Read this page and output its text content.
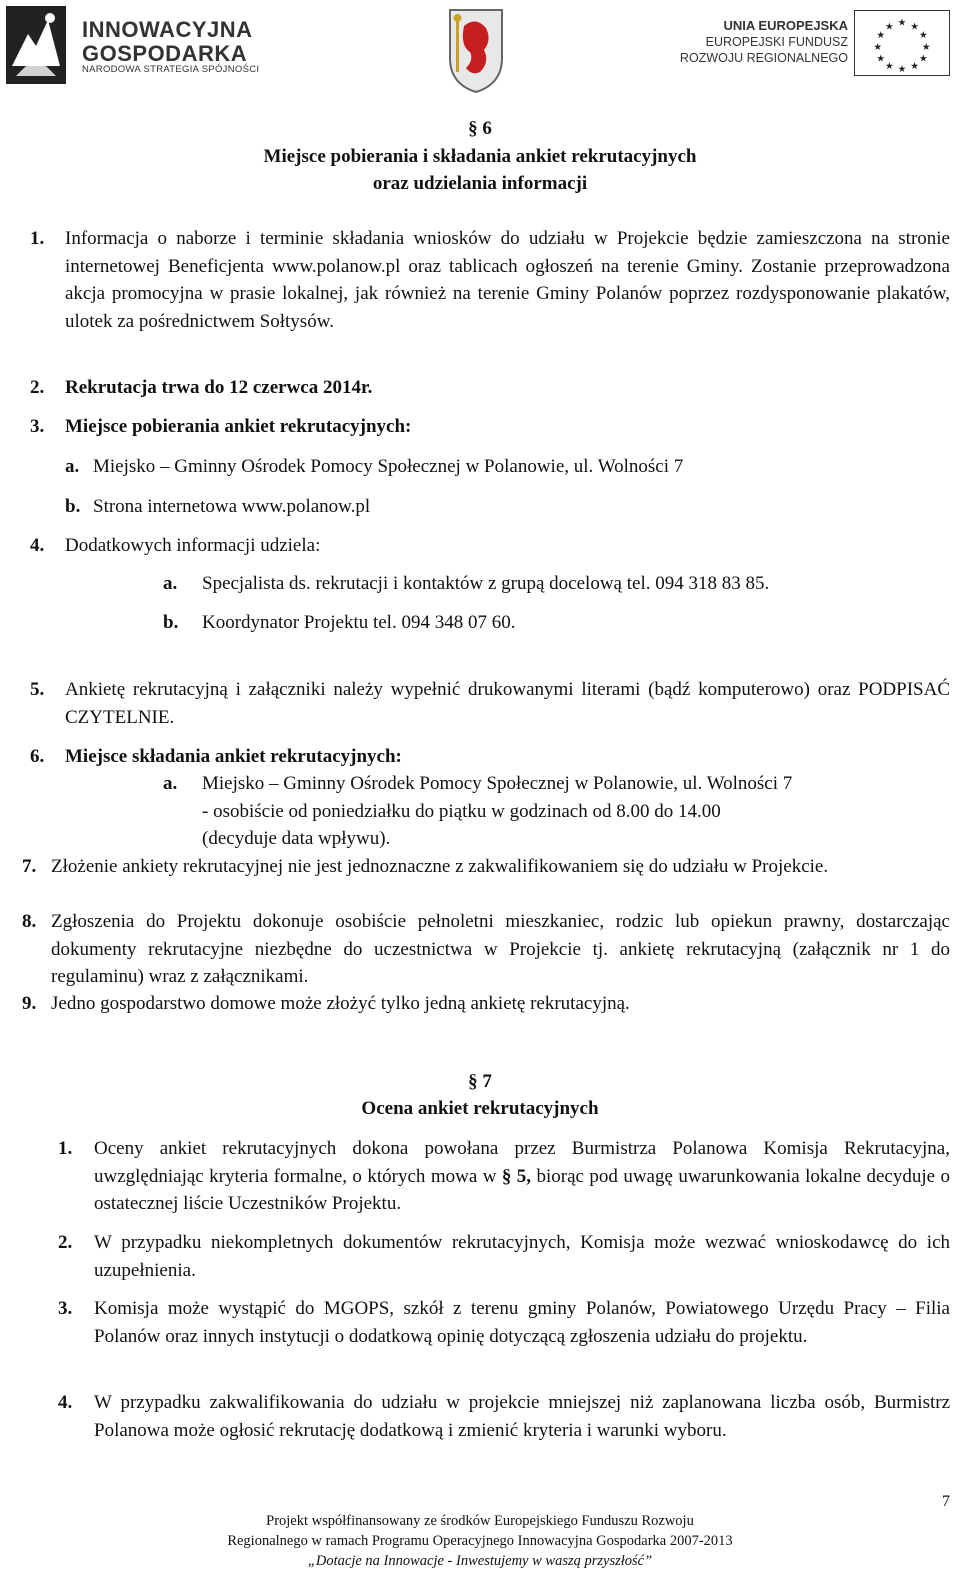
INNOWACYJNA
GOSPODARKA
NARODOWA STRATEGIA SPÓJNOŚCI
UNIA EUROPEJSKA
EUROPEJSKI FUNDUSZ
ROZWOJU REGIONALNEGO
★ ★
★
★
★
★
★
★
★
★
★
★
§ 6
Miejsce pobierania i składania ankiet rekrutacyjnych
oraz udzielania informacji
1. Informacja o naborze i terminie składania wniosków do udziału w Projekcie będzie zamieszczona na stronie internetowej Beneficjenta www.polanow.pl oraz tablicach ogłoszeń na terenie Gminy. Zostanie przeprowadzona akcja promocyjna w prasie lokalnej, jak również na terenie Gminy Polanów poprzez rozdysponowanie plakatów, ulotek za pośrednictwem Sołtysów.
2. Rekrutacja trwa do 12 czerwca 2014r.
3. Miejsce pobierania ankiet rekrutacyjnych:
a. Miejsko – Gminny Ośrodek Pomocy Społecznej w Polanowie, ul. Wolności 7
b. Strona internetowa www.polanow.pl
4. Dodatkowych informacji udziela:
a. Specjalista ds. rekrutacji i kontaktów z grupą docelową tel. 094 318 83 85.
b. Koordynator Projektu tel. 094 348 07 60.
5. Ankietę rekrutacyjną i załączniki należy wypełnić drukowanymi literami (bądź komputerowo) oraz PODPISAĆ CZYTELNIE.
6. Miejsce składania ankiet rekrutacyjnych:
a. Miejsko – Gminny Ośrodek Pomocy Społecznej w Polanowie, ul. Wolności 7
- osobiście od poniedziałku do piątku w godzinach od 8.00 do 14.00
(decyduje data wpływu).
7. Złożenie ankiety rekrutacyjnej nie jest jednoznaczne z zakwalifikowaniem się do udziału w Projekcie.
8. Zgłoszenia do Projektu dokonuje osobiście pełnoletni mieszkaniec, rodzic lub opiekun prawny, dostarczając dokumenty rekrutacyjne niezbędne do uczestnictwa w Projekcie tj. ankietę rekrutacyjną (załącznik nr 1 do regulaminu) wraz z załącznikami.
9. Jedno gospodarstwo domowe może złożyć tylko jedną ankietę rekrutacyjną.
§ 7
Ocena ankiet rekrutacyjnych
1. Oceny ankiet rekrutacyjnych dokona powołana przez Burmistrza Polanowa Komisja Rekrutacyjna, uwzględniając kryteria formalne, o których mowa w § 5, biorąc pod uwagę uwarunkowania lokalne decyduje o ostatecznej liście Uczestników Projektu.
2. W przypadku niekompletnych dokumentów rekrutacyjnych, Komisja może wezwać wnioskodawcę do ich uzupełnienia.
3. Komisja może wystąpić do MGOPS, szkół z terenu gminy Polanów, Powiatowego Urzędu Pracy – Filia Polanów oraz innych instytucji o dodatkową opinię dotyczącą zgłoszenia udziału do projektu.
4. W przypadku zakwalifikowania do udziału w projekcie mniejszej niż zaplanowana liczba osób, Burmistrz Polanowa może ogłosić rekrutację dodatkową i zmienić kryteria i warunki wyboru.
7
Projekt współfinansowany ze środków Europejskiego Funduszu Rozwoju
Regionalnego w ramach Programu Operacyjnego Innowacyjna Gospodarka 2007-2013
„Dotacje na Innowacje - Inwestujemy w waszą przyszłość”
